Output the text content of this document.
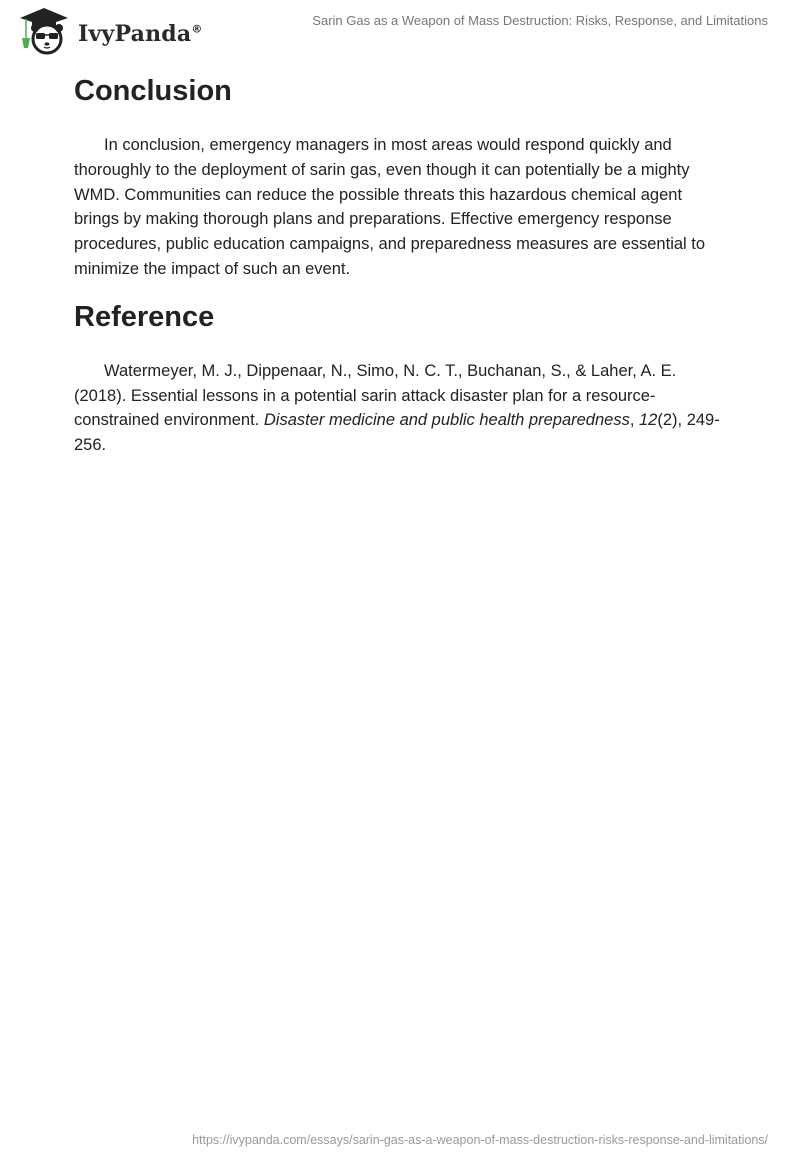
IvyPanda®
Sarin Gas as a Weapon of Mass Destruction: Risks, Response, and Limitations
Conclusion

In conclusion, emergency managers in most areas would respond quickly and thoroughly to the deployment of sarin gas, even though it can potentially be a mighty WMD. Communities can reduce the possible threats this hazardous chemical agent brings by making thorough plans and preparations. Effective emergency response procedures, public education campaigns, and preparedness measures are essential to minimize the impact of such an event.

Reference

Watermeyer, M. J., Dippenaar, N., Simo, N. C. T., Buchanan, S., & Laher, A. E. (2018). Essential lessons in a potential sarin attack disaster plan for a resource-constrained environment. Disaster medicine and public health preparedness, 12(2), 249-256.

https://ivypanda.com/essays/sarin-gas-as-a-weapon-of-mass-destruction-risks-response-and-limitations/
